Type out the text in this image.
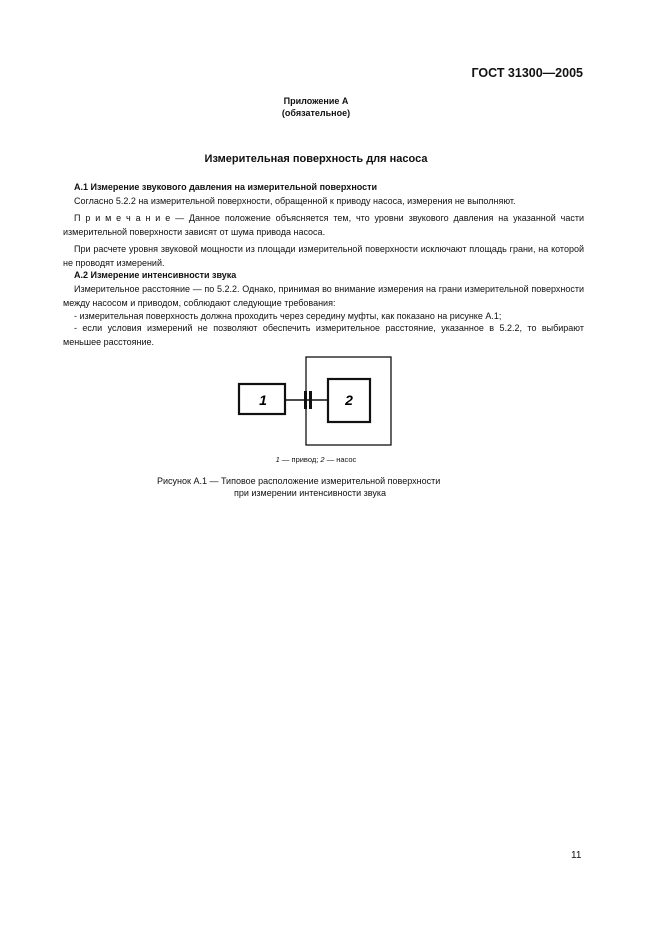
ГОСТ 31300—2005
Приложение А
(обязательное)
Измерительная поверхность для насоса
А.1 Измерение звукового давления на измерительной поверхности
Согласно 5.2.2 на измерительной поверхности, обращенной к приводу насоса, измерения не выполняют.
П р и м е ч а н и е — Данное положение объясняется тем, что уровни звукового давления на указанной части измерительной поверхности зависят от шума привода насоса.
При расчете уровня звуковой мощности из площади измерительной поверхности исключают площадь грани, на которой не проводят измерений.
А.2 Измерение интенсивности звука
Измерительное расстояние — по 5.2.2. Однако, принимая во внимание измерения на грани измерительной поверхности между насосом и приводом, соблюдают следующие требования:
- измерительная поверхность должна проходить через середину муфты, как показано на рисунке А.1;
- если условия измерений не позволяют обеспечить измерительное расстояние, указанное в 5.2.2, то выбирают меньшее расстояние.
1	2
1 — привод; 2 — насос
Рисунок А.1 — Типовое расположение измерительной поверхности
при измерении интенсивности звука
11
